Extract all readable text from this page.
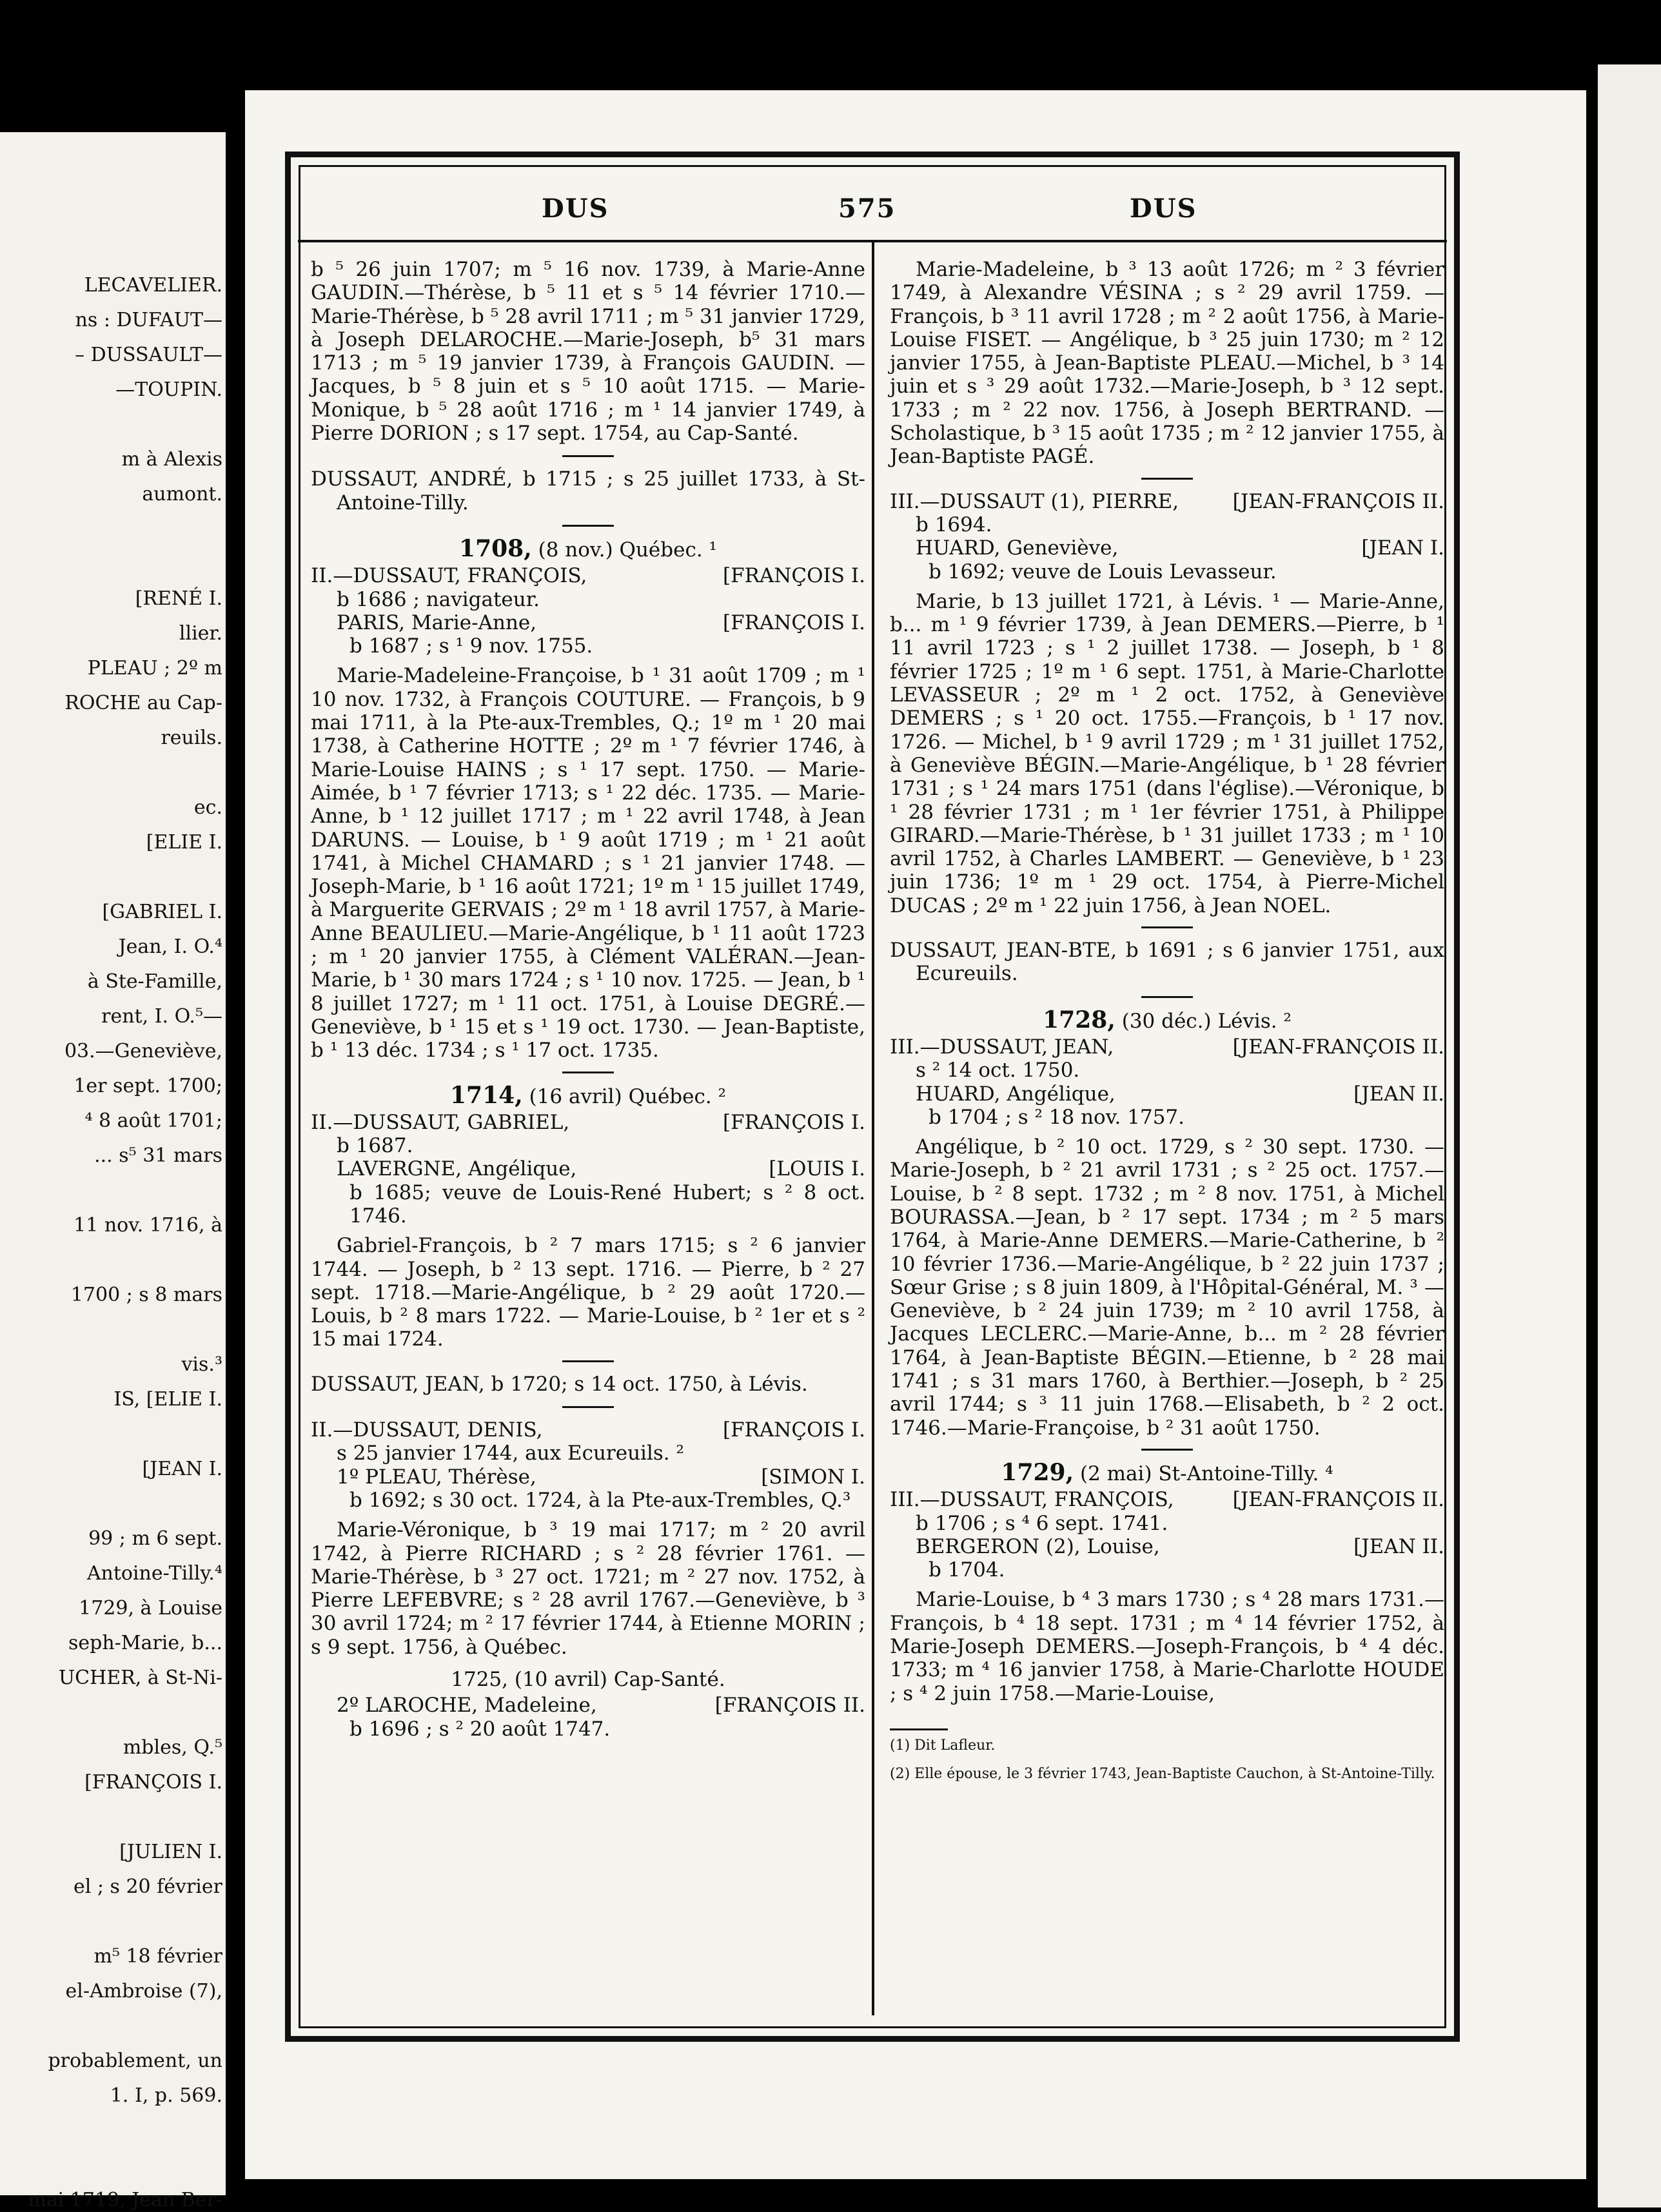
LECAVELIER.
ns : DUFAUT—
– DUSSAULT—
—TOUPIN.
m à Alexis
aumont.
[RENÉ I.
llier.
PLEAU ; 2º m
ROCHE au Cap-
reuils.
ec.
[ELIE I.
[GABRIEL I.
Jean, I. O.⁴
à Ste-Famille,
rent, I. O.⁵—
03.—Geneviève,
1er sept. 1700;
⁴ 8 août 1701;
... s⁵ 31 mars
11 nov. 1716, à
1700 ; s 8 mars
vis.³
IS, [ELIE I.
[JEAN I.
99 ; m 6 sept.
Antoine-Tilly.⁴
1729, à Louise
seph-Marie, b...
UCHER, à St-Ni-
mbles, Q.⁵
[FRANÇOIS I.
[JULIEN I.
el ; s 20 février
m⁵ 18 février
el-Ambroise (7),
probablement, un
1. I, p. 569.
mai 1719, Jean Ber-
DUS	575	DUS

b ⁵ 26 juin 1707; m ⁵ 16 nov. 1739, à Marie-Anne GAUDIN.—Thérèse, b ⁵ 11 et s ⁵ 14 février 1710.—Marie-Thérèse, b ⁵ 28 avril 1711 ; m ⁵ 31 janvier 1729, à Joseph DELAROCHE.—Marie-Joseph, b⁵ 31 mars 1713 ; m ⁵ 19 janvier 1739, à François GAUDIN. — Jacques, b ⁵ 8 juin et s ⁵ 10 août 1715. — Marie-Monique, b ⁵ 28 août 1716 ; m ¹ 14 janvier 1749, à Pierre DORION ; s 17 sept. 1754, au Cap-Santé.

DUSSAUT, ANDRÉ, b 1715 ; s 25 juillet 1733, à St-Antoine-Tilly.

1708, (8 nov.) Québec. ¹

II.—DUSSAUT, FRANÇOIS,	[FRANÇOIS I.

b 1686 ; navigateur.

PARIS, Marie-Anne,	[FRANÇOIS I.

b 1687 ; s ¹ 9 nov. 1755.

Marie-Madeleine-Françoise, b ¹ 31 août 1709 ; m ¹ 10 nov. 1732, à François COUTURE. — François, b 9 mai 1711, à la Pte-aux-Trembles, Q.; 1º m ¹ 20 mai 1738, à Catherine HOTTE ; 2º m ¹ 7 février 1746, à Marie-Louise HAINS ; s ¹ 17 sept. 1750. — Marie-Aimée, b ¹ 7 février 1713; s ¹ 22 déc. 1735. — Marie-Anne, b ¹ 12 juillet 1717 ; m ¹ 22 avril 1748, à Jean DARUNS. — Louise, b ¹ 9 août 1719 ; m ¹ 21 août 1741, à Michel CHAMARD ; s ¹ 21 janvier 1748. — Joseph-Marie, b ¹ 16 août 1721; 1º m ¹ 15 juillet 1749, à Marguerite GERVAIS ; 2º m ¹ 18 avril 1757, à Marie-Anne BEAULIEU.—Marie-Angélique, b ¹ 11 août 1723 ; m ¹ 20 janvier 1755, à Clément VALÉRAN.—Jean-Marie, b ¹ 30 mars 1724 ; s ¹ 10 nov. 1725. — Jean, b ¹ 8 juillet 1727; m ¹ 11 oct. 1751, à Louise DEGRÉ.—Geneviève, b ¹ 15 et s ¹ 19 oct. 1730. — Jean-Baptiste, b ¹ 13 déc. 1734 ; s ¹ 17 oct. 1735.

1714, (16 avril) Québec. ²

II.—DUSSAUT, GABRIEL,	[FRANÇOIS I.

b 1687.

LAVERGNE, Angélique,	[LOUIS I.

b 1685; veuve de Louis-René Hubert; s ² 8 oct. 1746.

Gabriel-François, b ² 7 mars 1715; s ² 6 janvier 1744. — Joseph, b ² 13 sept. 1716. — Pierre, b ² 27 sept. 1718.—Marie-Angélique, b ² 29 août 1720.—Louis, b ² 8 mars 1722. — Marie-Louise, b ² 1er et s ² 15 mai 1724.

DUSSAUT, JEAN, b 1720; s 14 oct. 1750, à Lévis.

II.—DUSSAUT, DENIS,	[FRANÇOIS I.

s 25 janvier 1744, aux Ecureuils. ²

1º PLEAU, Thérèse,	[SIMON I.

b 1692; s 30 oct. 1724, à la Pte-aux-Trembles, Q.³

Marie-Véronique, b ³ 19 mai 1717; m ² 20 avril 1742, à Pierre RICHARD ; s ² 28 février 1761. —Marie-Thérèse, b ³ 27 oct. 1721; m ² 27 nov. 1752, à Pierre LEFEBVRE; s ² 28 avril 1767.—Geneviève, b ³ 30 avril 1724; m ² 17 février 1744, à Etienne MORIN ; s 9 sept. 1756, à Québec.

1725, (10 avril) Cap-Santé.

2º LAROCHE, Madeleine,	[FRANÇOIS II.

b 1696 ; s ² 20 août 1747.

Marie-Madeleine, b ³ 13 août 1726; m ² 3 février 1749, à Alexandre VÉSINA ; s ² 29 avril 1759. — François, b ³ 11 avril 1728 ; m ² 2 août 1756, à Marie-Louise FISET. — Angélique, b ³ 25 juin 1730; m ² 12 janvier 1755, à Jean-Baptiste PLEAU.—Michel, b ³ 14 juin et s ³ 29 août 1732.—Marie-Joseph, b ³ 12 sept. 1733 ; m ² 22 nov. 1756, à Joseph BERTRAND. — Scholastique, b ³ 15 août 1735 ; m ² 12 janvier 1755, à Jean-Baptiste PAGÉ.

III.—DUSSAUT (1), PIERRE,	[JEAN-FRANÇOIS II.

b 1694.

HUARD, Geneviève,	[JEAN I.

b 1692; veuve de Louis Levasseur.

Marie, b 13 juillet 1721, à Lévis. ¹ — Marie-Anne, b... m ¹ 9 février 1739, à Jean DEMERS.—Pierre, b ¹ 11 avril 1723 ; s ¹ 2 juillet 1738. — Joseph, b ¹ 8 février 1725 ; 1º m ¹ 6 sept. 1751, à Marie-Charlotte LEVASSEUR ; 2º m ¹ 2 oct. 1752, à Geneviève DEMERS ; s ¹ 20 oct. 1755.—François, b ¹ 17 nov. 1726. — Michel, b ¹ 9 avril 1729 ; m ¹ 31 juillet 1752, à Geneviève BÉGIN.—Marie-Angélique, b ¹ 28 février 1731 ; s ¹ 24 mars 1751 (dans l'église).—Véronique, b ¹ 28 février 1731 ; m ¹ 1er février 1751, à Philippe GIRARD.—Marie-Thérèse, b ¹ 31 juillet 1733 ; m ¹ 10 avril 1752, à Charles LAMBERT. — Geneviève, b ¹ 23 juin 1736; 1º m ¹ 29 oct. 1754, à Pierre-Michel DUCAS ; 2º m ¹ 22 juin 1756, à Jean NOEL.

DUSSAUT, JEAN-BTE, b 1691 ; s 6 janvier 1751, aux Ecureuils.

1728, (30 déc.) Lévis. ²

III.—DUSSAUT, JEAN,	[JEAN-FRANÇOIS II.

s ² 14 oct. 1750.

HUARD, Angélique,	[JEAN II.

b 1704 ; s ² 18 nov. 1757.

Angélique, b ² 10 oct. 1729, s ² 30 sept. 1730. —Marie-Joseph, b ² 21 avril 1731 ; s ² 25 oct. 1757.—Louise, b ² 8 sept. 1732 ; m ² 8 nov. 1751, à Michel BOURASSA.—Jean, b ² 17 sept. 1734 ; m ² 5 mars 1764, à Marie-Anne DEMERS.—Marie-Catherine, b ² 10 février 1736.—Marie-Angélique, b ² 22 juin 1737 ; Sœur Grise ; s 8 juin 1809, à l'Hôpital-Général, M. ³ — Geneviève, b ² 24 juin 1739; m ² 10 avril 1758, à Jacques LECLERC.—Marie-Anne, b... m ² 28 février 1764, à Jean-Baptiste BÉGIN.—Etienne, b ² 28 mai 1741 ; s 31 mars 1760, à Berthier.—Joseph, b ² 25 avril 1744; s ³ 11 juin 1768.—Elisabeth, b ² 2 oct. 1746.—Marie-Françoise, b ² 31 août 1750.

1729, (2 mai) St-Antoine-Tilly. ⁴

III.—DUSSAUT, FRANÇOIS,	[JEAN-FRANÇOIS II.

b 1706 ; s ⁴ 6 sept. 1741.

BERGERON (2), Louise,	[JEAN II.

b 1704.

Marie-Louise, b ⁴ 3 mars 1730 ; s ⁴ 28 mars 1731.—François, b ⁴ 18 sept. 1731 ; m ⁴ 14 février 1752, à Marie-Joseph DEMERS.—Joseph-François, b ⁴ 4 déc. 1733; m ⁴ 16 janvier 1758, à Marie-Charlotte HOUDE ; s ⁴ 2 juin 1758.—Marie-Louise,

(1) Dit Lafleur.

(2) Elle épouse, le 3 février 1743, Jean-Baptiste Cauchon, à St-Antoine-Tilly.
